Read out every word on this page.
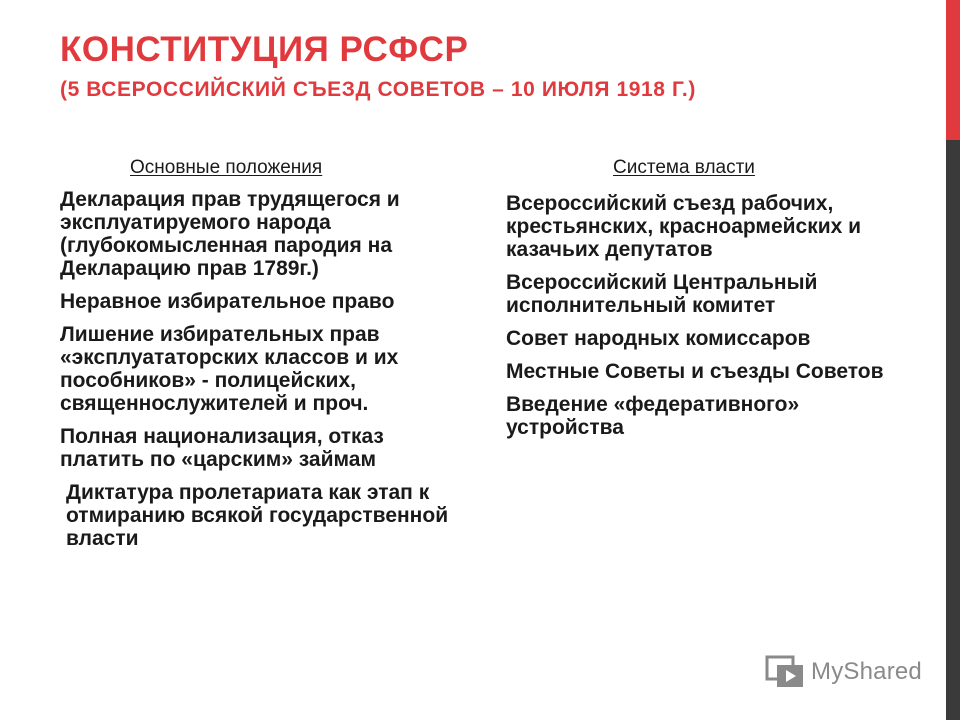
КОНСТИТУЦИЯ РСФСР
(5 ВСЕРОССИЙСКИЙ СЪЕЗД СОВЕТОВ – 10 ИЮЛЯ 1918 Г.)
Основные положения	Система власти
Декларация прав трудящегося и эксплуатируемого народа (глубокомысленная пародия на Декларацию прав 1789г.)
Неравное избирательное право
Лишение избирательных прав «эксплуататорских классов и их пособников» - полицейских, священнослужителей и проч.
Полная национализация, отказ платить по «царским» займам
Диктатура пролетариата как этап к отмиранию всякой государственной власти
Всероссийский съезд рабочих, крестьянских, красноармейских и казачьих депутатов
Всероссийский Центральный исполнительный комитет
Совет народных комиссаров
Местные Советы и съезды Советов
Введение «федеративного» устройства
MyShared
